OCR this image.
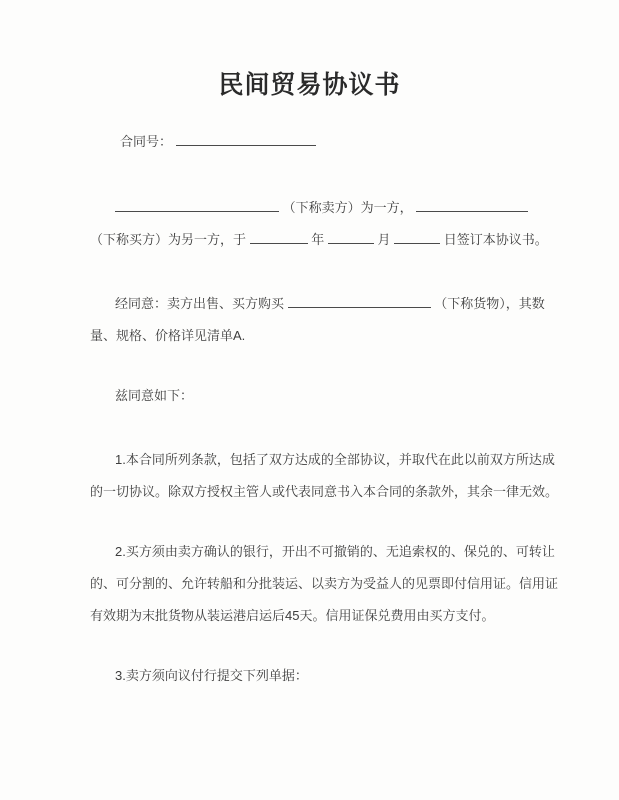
民间贸易协议书
合同号：
（下称卖方）为一方，
（下称买方）为另一方，于	年	月	日签订本协议书。
经同意：卖方出售、买方购买	（下称货物），其数
量、规格、价格详见清单A.
兹同意如下：
1.本合同所列条款，包括了双方达成的全部协议，并取代在此以前双方所达成
的一切协议。除双方授权主管人或代表同意书入本合同的条款外，其余一律无效。
2.买方须由卖方确认的银行，开出不可撤销的、无追索权的、保兑的、可转让
的、可分割的、允许转船和分批装运、以卖方为受益人的见票即付信用证。信用证
有效期为末批货物从装运港启运后45天。信用证保兑费用由买方支付。
3.卖方须向议付行提交下列单据：
